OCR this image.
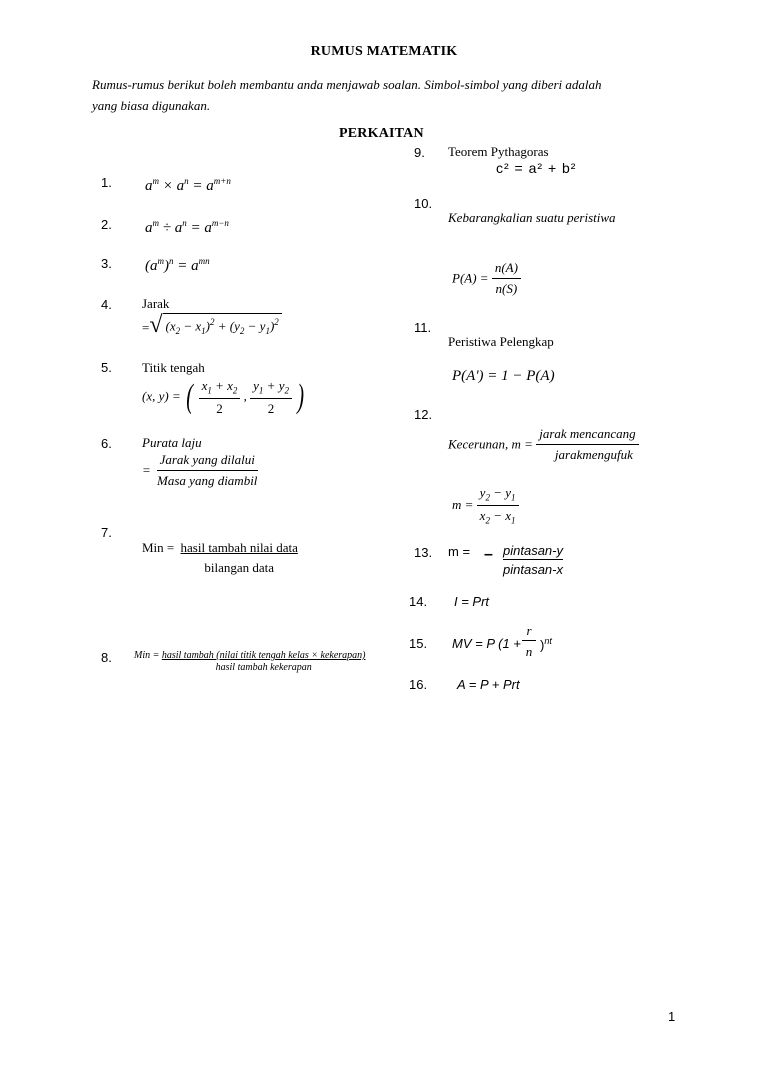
RUMUS MATEMATIK
Rumus-rumus berikut boleh membantu anda menjawab soalan. Simbol-simbol yang diberi adalah
yang biasa digunakan.
PERKAITAN
1. $a^m \times a^n = a^{m+n}$
2. $a^m \div a^n = a^{m-n}$
3. $(a^m)^n = a^{mn}$
4. Jarak
= √ $(x_2 - x_1)^2 + (y_2 - y_1)^2$
5. Titik tengah
(x, y) = ( $\frac{x_1 + x_2}{2}$ , $\frac{y_1 + y_2}{2}$ )
6. Purata laju
= $\frac{\text{Jarak yang dilalui}}{\text{Masa yang diambil}}$
7.
Min = $\frac{\text{hasil tambah nilai data}}{\text{bilangan data}}$
8. Min = $\frac{\text{hasil tambah (nilai titik tengah kelas × kekerapan)}}{\text{hasil tambah kekerapan}}$
9. Teorem Pythagoras
c² = a² + b²
10.
Kebarangkalian suatu peristiwa
$P(A) = \frac{n(A)}{n(S)}$
11.
Peristiwa Pelengkap
P(A') = 1 − P(A)
12.
Kecerunan, $m = \frac{\text{jarak mencancang}}{\text{jarakmengufuk}}$
$m = \frac{y_2 - y_1}{x_2 - x_1}$
13. m = – $\frac{\text{pintasan-y}}{\text{pintasan-x}}$
14. I = Prt
15. MV = P (1 +
r
n )$^{nt}$
16. A = P + Prt
1
